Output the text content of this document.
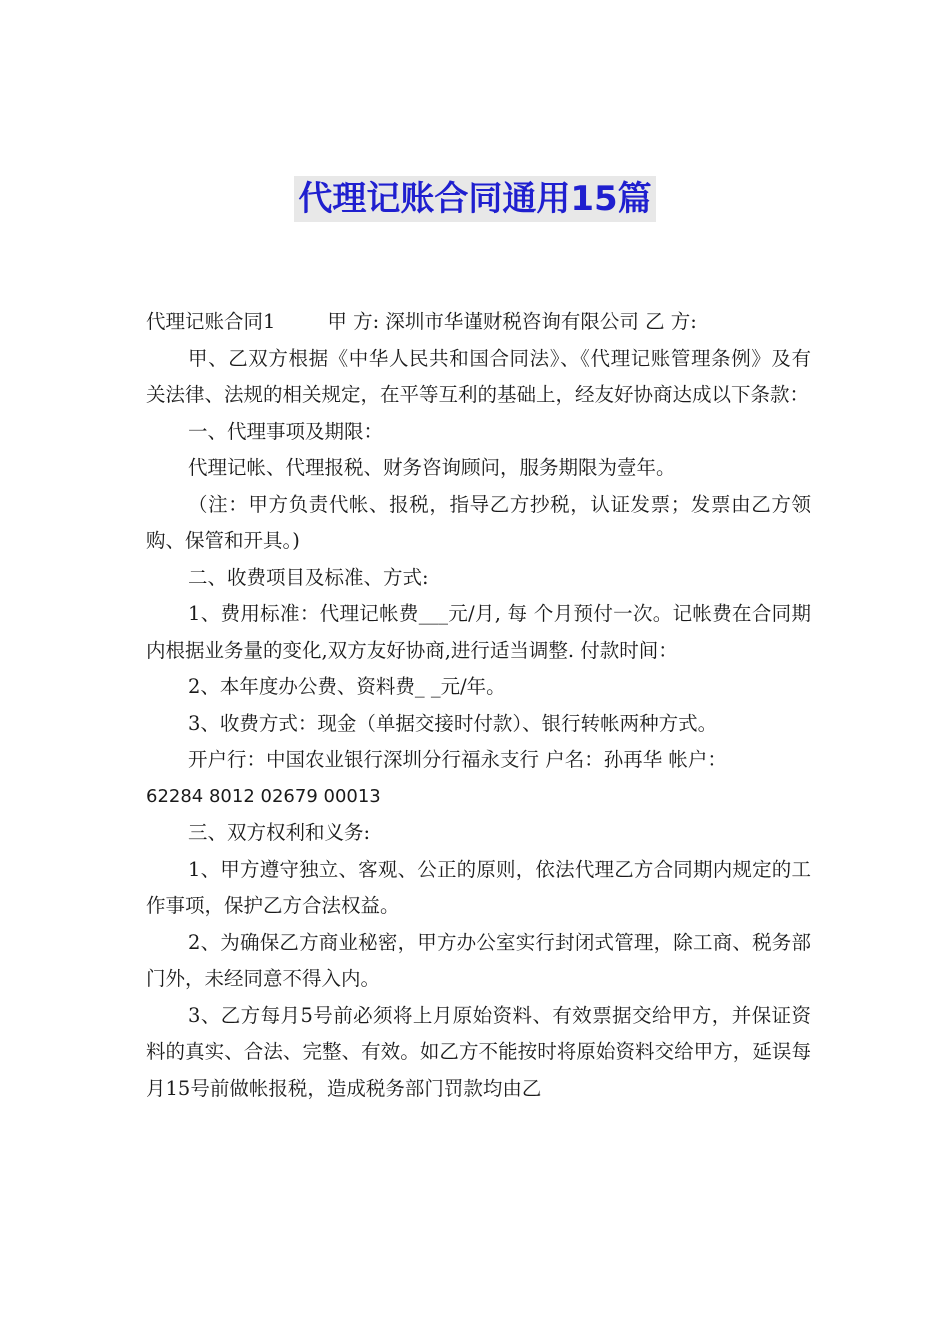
代理记账合同通用15篇

代理记账合同1	甲 方: 深圳市华谨财税咨询有限公司 乙 方:

甲、乙双方根据《中华人民共和国合同法》、《代理记账管理条例》及有关法律、法规的相关规定，在平等互利的基础上，经友好协商达成以下条款：

一、代理事项及期限：

代理记帐、代理报税、财务咨询顾问，服务期限为壹年。

（注：甲方负责代帐、报税，指导乙方抄税，认证发票；发票由乙方领购、保管和开具。)

二、收费项目及标准、方式:

1、费用标准：代理记帐费___元/月, 每 个月预付一次。记帐费在合同期内根据业务量的变化,双方友好协商,进行适当调整. 付款时间：

2、本年度办公费、资料费_ _元/年。

3、收费方式：现金（单据交接时付款）、银行转帐两种方式。

开户行：中国农业银行深圳分行福永支行 户名：孙再华 帐户：

62284 8012 02679 00013

三、双方权利和义务:

1、甲方遵守独立、客观、公正的原则，依法代理乙方合同期内规定的工作事项，保护乙方合法权益。

2、为确保乙方商业秘密，甲方办公室实行封闭式管理，除工商、税务部门外，未经同意不得入内。

3、乙方每月5号前必须将上月原始资料、有效票据交给甲方，并保证资料的真实、合法、完整、有效。如乙方不能按时将原始资料交给甲方，延误每月15号前做帐报税，造成税务部门罚款均由乙
